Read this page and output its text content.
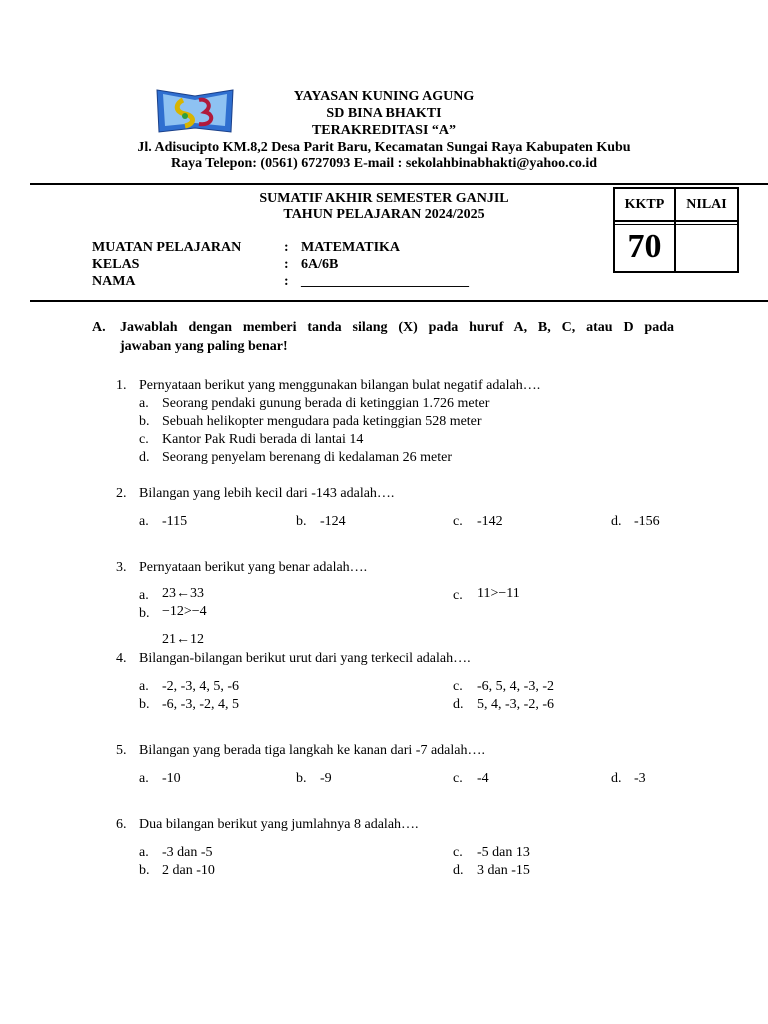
YAYASAN KUNING AGUNG
SD BINA BHAKTI
TERAKREDITASI “A”
Jl. Adisucipto KM.8,2 Desa Parit Baru, Kecamatan Sungai Raya Kabupaten Kubu
Raya Telepon: (0561) 6727093 E-mail : sekolahbinabhakti@yahoo.co.id
SUMATIF AKHIR SEMESTER GANJIL
TAHUN PELAJARAN 2024/2025
MUATAN PELAJARAN	: MATEMATIKA
KELAS	: 6A/6B
NAMA	: ________________________
KKTP	NILAI
70
A. Jawablah dengan memberi tanda silang (X) pada huruf A, B, C, atau D pada
jawaban yang paling benar!
1. Pernyataan berikut yang menggunakan bilangan bulat negatif adalah….
a. Seorang pendaki gunung berada di ketinggian 1.726 meter
b. Sebuah helikopter mengudara pada ketinggian 528 meter
c. Kantor Pak Rudi berada di lantai 14
d. Seorang penyelam berenang di kedalaman 26 meter
2. Bilangan yang lebih kecil dari -143 adalah….
a. -115	b. -124	c. -142	d. -156
3. Pernyataan berikut yang benar adalah….
a. 23←33
b. −12>−4
c. 11>−11
21←12
4. Bilangan-bilangan berikut urut dari yang terkecil adalah….
a. -2, -3, 4, 5, -6
b. -6, -3, -2, 4, 5
c. -6, 5, 4, -3, -2
d. 5, 4, -3, -2, -6
5. Bilangan yang berada tiga langkah ke kanan dari -7 adalah….
a. -10	b. -9	c. -4	d. -3
6. Dua bilangan berikut yang jumlahnya 8 adalah….
a. -3 dan -5
b. 2 dan -10
c. -5 dan 13
d. 3 dan -15
